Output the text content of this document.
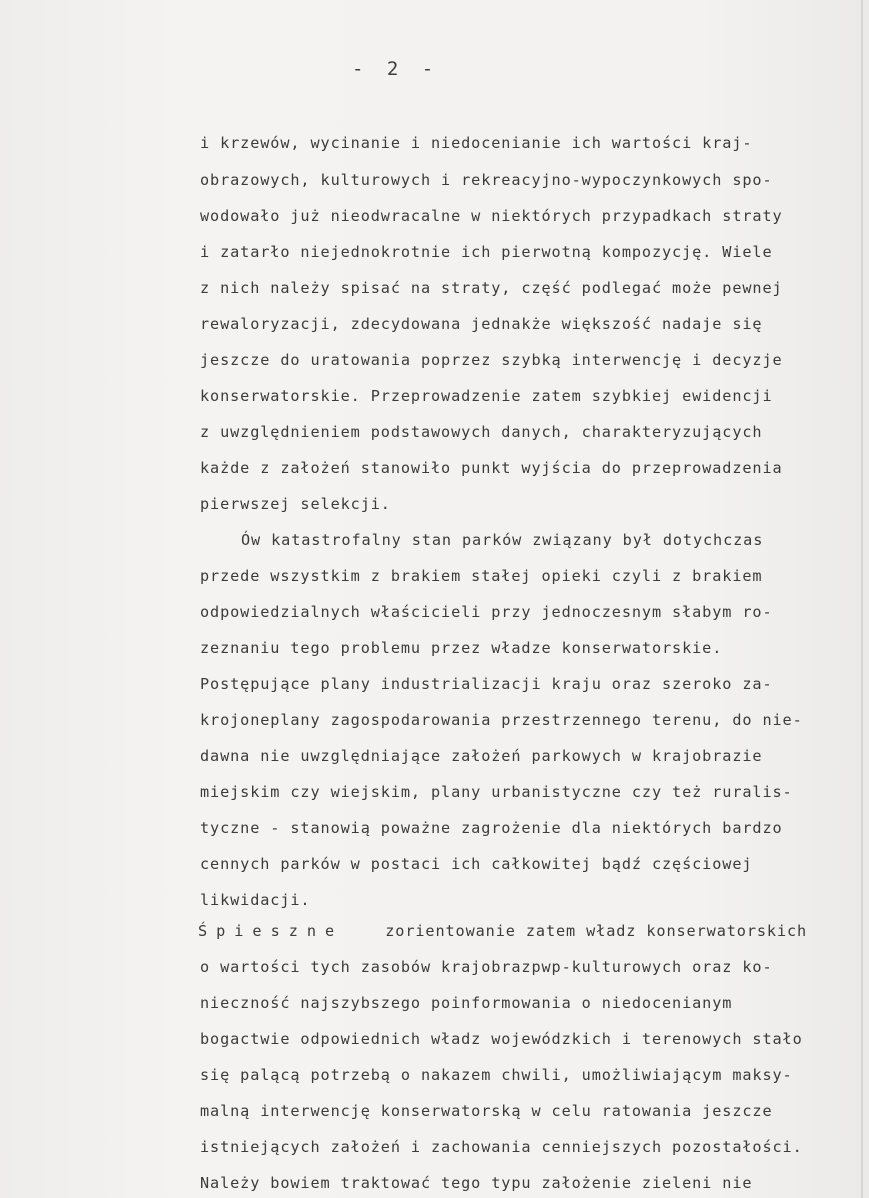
- 2 -
i krzewów, wycinanie i niedocenianie ich wartości kraj-
obrazowych, kulturowych i rekreacyjno-wypoczynkowych spo-
wodowało już nieodwracalne w niektórych przypadkach straty
i zatarło niejednokrotnie ich pierwotną kompozycję. Wiele
z nich należy spisać na straty, część podlegać może pewnej
rewaloryzacji, zdecydowana jednakże większość nadaje się
jeszcze do uratowania poprzez szybką interwencję i decyzje
konserwatorskie. Przeprowadzenie zatem szybkiej ewidencji
z uwzględnieniem podstawowych danych, charakteryzujących
każde z założeń stanowiło punkt wyjścia do przeprowadzenia
pierwszej selekcji.
Ów katastrofalny stan parków związany był dotychczas
przede wszystkim z brakiem stałej opieki czyli z brakiem
odpowiedzialnych właścicieli przy jednoczesnym słabym ro-
zeznaniu tego problemu przez władze konserwatorskie.
Postępujące plany industrializacji kraju oraz szeroko za-
krojoneplany zagospodarowania przestrzennego terenu, do nie-
dawna nie uwzględniające założeń parkowych w krajobrazie
miejskim czy wiejskim, plany urbanistyczne czy też ruralis-
tyczne - stanowią poważne zagrożenie dla niektórych bardzo
cennych parków w postaci ich całkowitej bądź częściowej
likwidacji.
Śpieszne	zorientowanie zatem władz konserwatorskich
o wartości tych zasobów krajobrazpwp-kulturowych oraz ko-
nieczność najszybszego poinformowania o niedocenianym
bogactwie odpowiednich władz wojewódzkich i terenowych stało
się palącą potrzebą o nakazem chwili, umożliwiającym maksy-
malną interwencję konserwatorską w celu ratowania jeszcze
istniejących założeń i zachowania cenniejszych pozostałości.
Należy bowiem traktować tego typu założenie zieleni nie
